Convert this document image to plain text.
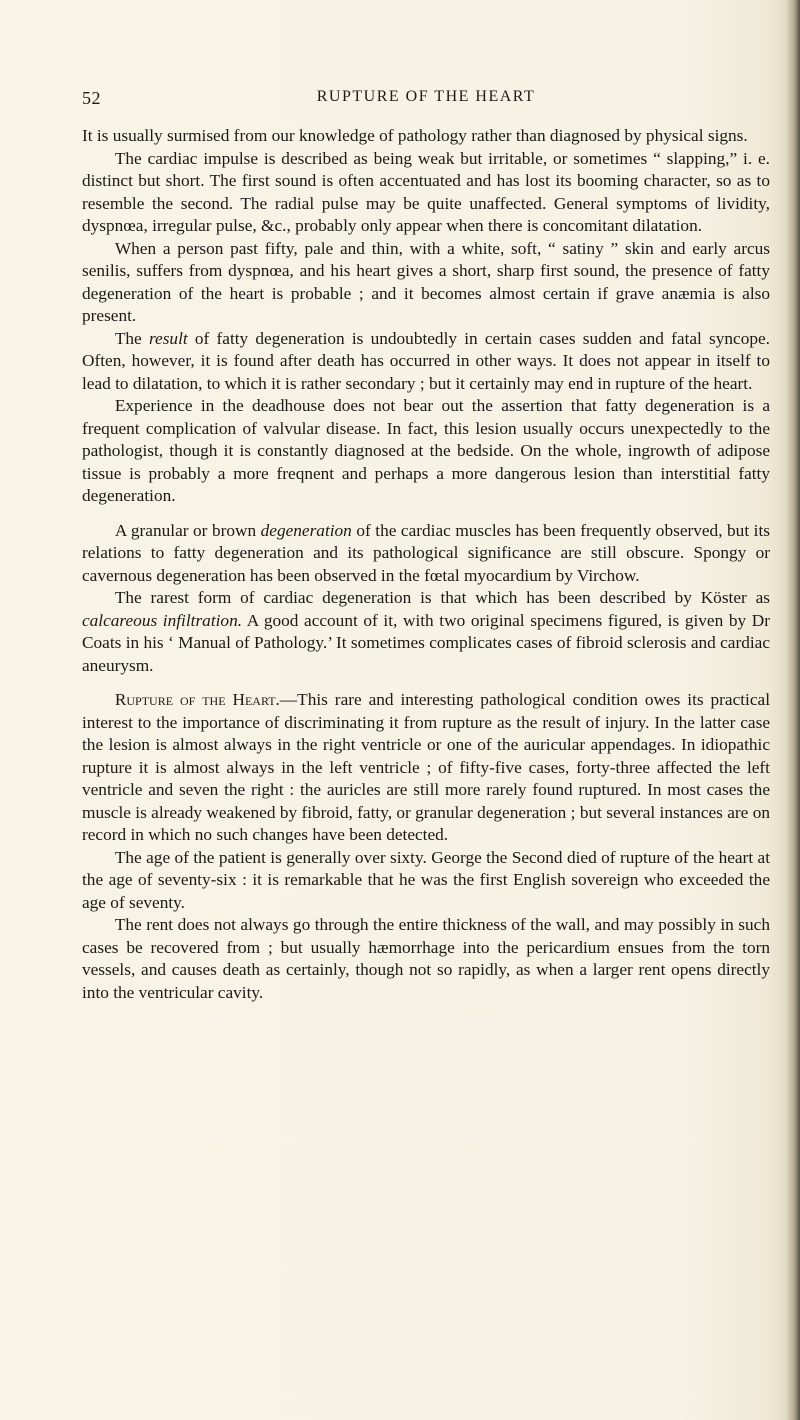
52	RUPTURE OF THE HEART

It is usually surmised from our knowledge of pathology rather than diagnosed by physical signs.

The cardiac impulse is described as being weak but irritable, or sometimes “ slapping,” i. e. distinct but short. The first sound is often accentuated and has lost its booming character, so as to resemble the second. The radial pulse may be quite unaffected. General symptoms of lividity, dyspnœa, irregular pulse, &c., probably only appear when there is concomitant dilatation.

When a person past fifty, pale and thin, with a white, soft, “ satiny ” skin and early arcus senilis, suffers from dyspnœa, and his heart gives a short, sharp first sound, the presence of fatty degeneration of the heart is probable ; and it becomes almost certain if grave anæmia is also present.

The result of fatty degeneration is undoubtedly in certain cases sudden and fatal syncope. Often, however, it is found after death has occurred in other ways. It does not appear in itself to lead to dilatation, to which it is rather secondary ; but it certainly may end in rupture of the heart.

Experience in the deadhouse does not bear out the assertion that fatty degeneration is a frequent complication of valvular disease. In fact, this lesion usually occurs unexpectedly to the pathologist, though it is constantly diagnosed at the bedside. On the whole, ingrowth of adipose tissue is probably a more freqnent and perhaps a more dangerous lesion than interstitial fatty degeneration.

A granular or brown degeneration of the cardiac muscles has been frequently observed, but its relations to fatty degeneration and its pathological significance are still obscure. Spongy or cavernous degeneration has been observed in the fœtal myocardium by Virchow.

The rarest form of cardiac degeneration is that which has been described by Köster as calcareous infiltration. A good account of it, with two original specimens figured, is given by Dr Coats in his ‘ Manual of Pathology.’ It sometimes complicates cases of fibroid sclerosis and cardiac aneurysm.

Rupture of the Heart.—This rare and interesting pathological condition owes its practical interest to the importance of discriminating it from rupture as the result of injury. In the latter case the lesion is almost always in the right ventricle or one of the auricular appendages. In idiopathic rupture it is almost always in the left ventricle ; of fifty-five cases, forty-three affected the left ventricle and seven the right : the auricles are still more rarely found ruptured. In most cases the muscle is already weakened by fibroid, fatty, or granular degeneration ; but several instances are on record in which no such changes have been detected.

The age of the patient is generally over sixty. George the Second died of rupture of the heart at the age of seventy-six : it is remarkable that he was the first English sovereign who exceeded the age of seventy.

The rent does not always go through the entire thickness of the wall, and may possibly in such cases be recovered from ; but usually hæmorrhage into the pericardium ensues from the torn vessels, and causes death as certainly, though not so rapidly, as when a larger rent opens directly into the ventricular cavity.
